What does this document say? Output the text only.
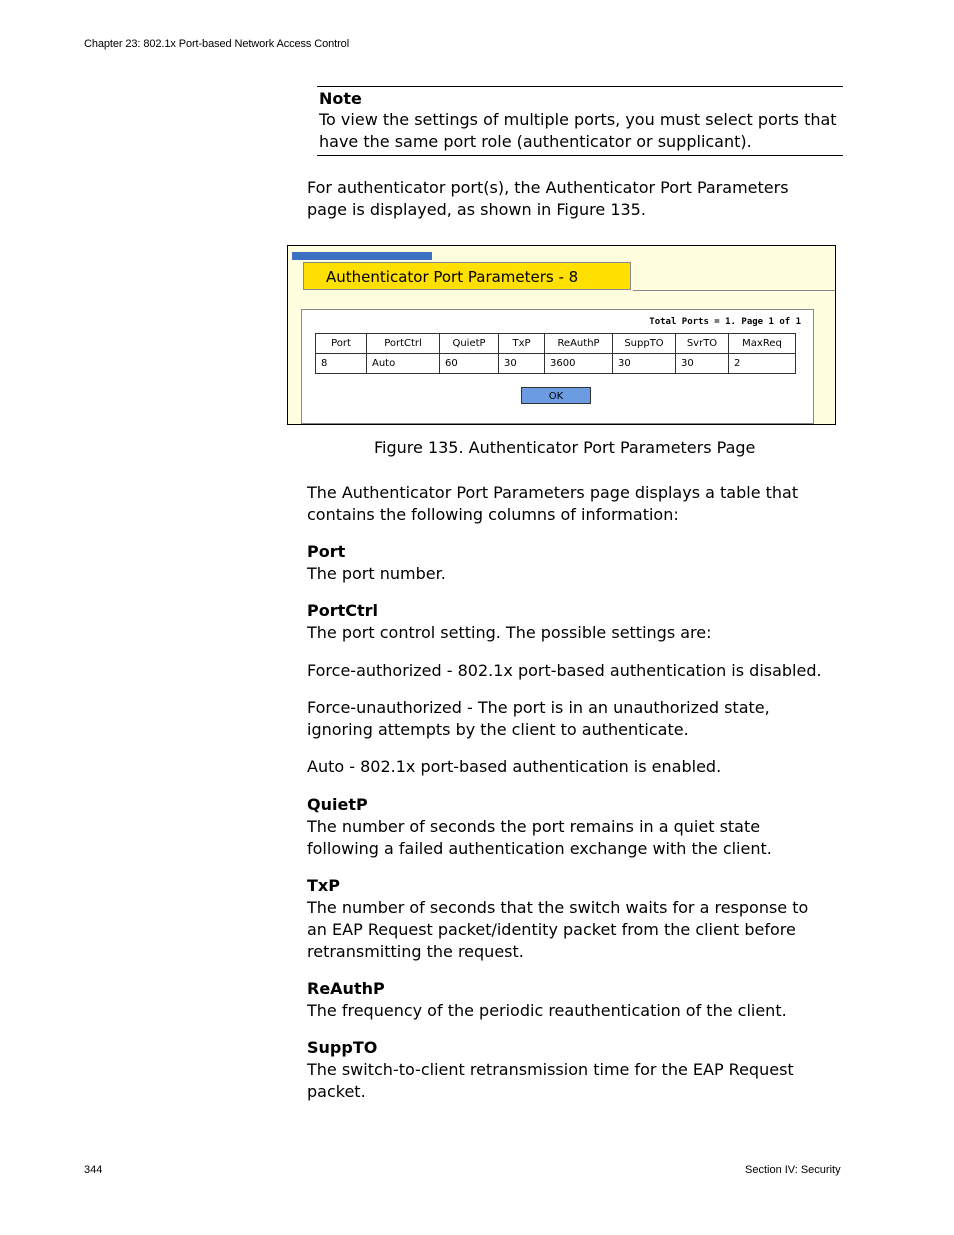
Chapter 23: 802.1x Port-based Network Access Control
Note
To view the settings of multiple ports, you must select ports that have the same port role (authenticator or supplicant).
For authenticator port(s), the Authenticator Port Parameters page is displayed, as shown in Figure 135.
Authenticator Port Parameters - 8
Total Ports = 1. Page 1 of 1
Port	PortCtrl	QuietP	TxP	ReAuthP	SuppTO	SvrTO	MaxReq
8	Auto	60	30	3600	30	30	2
OK
Figure 135. Authenticator Port Parameters Page
The Authenticator Port Parameters page displays a table that contains the following columns of information:
Port
The port number.
PortCtrl
The port control setting. The possible settings are:
Force-authorized - 802.1x port-based authentication is disabled.
Force-unauthorized - The port is in an unauthorized state, ignoring attempts by the client to authenticate.
Auto - 802.1x port-based authentication is enabled.
QuietP
The number of seconds the port remains in a quiet state following a failed authentication exchange with the client.
TxP
The number of seconds that the switch waits for a response to an EAP Request packet/identity packet from the client before retransmitting the request.
ReAuthP
The frequency of the periodic reauthentication of the client.
SuppTO
The switch-to-client retransmission time for the EAP Request packet.
344	Section IV: Security
